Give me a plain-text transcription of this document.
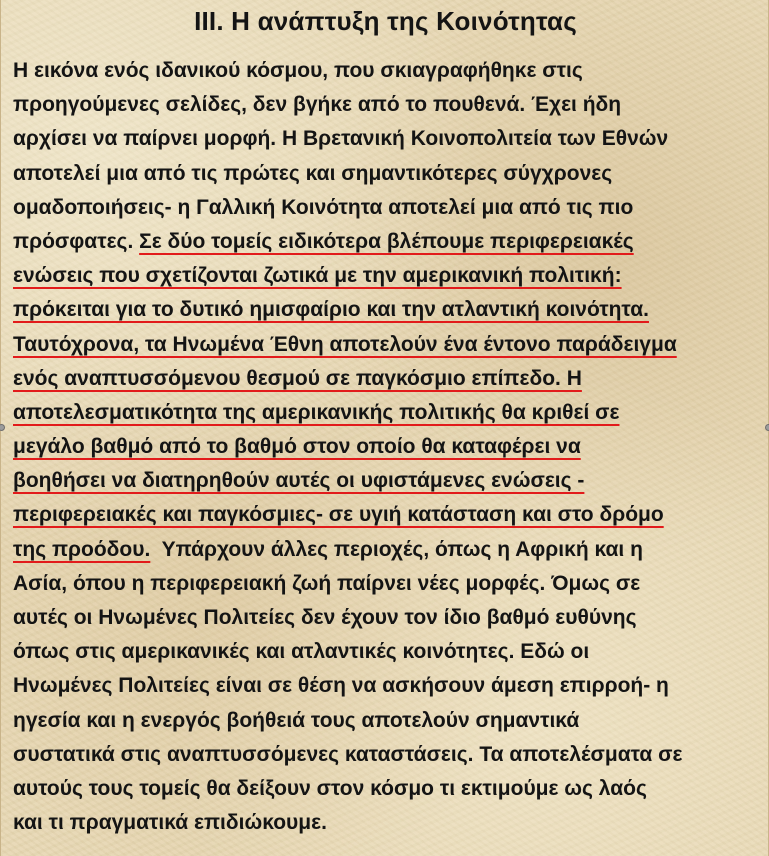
III. Η ανάπτυξη της Κοινότητας
Η εικόνα ενός ιδανικού κόσμου, που σκιαγραφήθηκε στις
προηγούμενες σελίδες, δεν βγήκε από το πουθενά. Έχει ήδη
αρχίσει να παίρνει μορφή. Η Βρετανική Κοινοπολιτεία των Εθνών
αποτελεί μια από τις πρώτες και σημαντικότερες σύγχρονες
ομαδοποιήσεις- η Γαλλική Κοινότητα αποτελεί μια από τις πιο
πρόσφατες. Σε δύο τομείς ειδικότερα βλέπουμε περιφερειακές
ενώσεις που σχετίζονται ζωτικά με την αμερικανική πολιτική:
πρόκειται για το δυτικό ημισφαίριο και την ατλαντική κοινότητα.
Ταυτόχρονα, τα Ηνωμένα Έθνη αποτελούν ένα έντονο παράδειγμα
ενός αναπτυσσόμενου θεσμού σε παγκόσμιο επίπεδο. Η
αποτελεσματικότητα της αμερικανικής πολιτικής θα κριθεί σε
μεγάλο βαθμό από το βαθμό στον οποίο θα καταφέρει να
βοηθήσει να διατηρηθούν αυτές οι υφιστάμενες ενώσεις -
περιφερειακές και παγκόσμιες- σε υγιή κατάσταση και στο δρόμο
της προόδου.  Υπάρχουν άλλες περιοχές, όπως η Αφρική και η
Ασία, όπου η περιφερειακή ζωή παίρνει νέες μορφές. Όμως σε
αυτές οι Ηνωμένες Πολιτείες δεν έχουν τον ίδιο βαθμό ευθύνης
όπως στις αμερικανικές και ατλαντικές κοινότητες. Εδώ οι
Ηνωμένες Πολιτείες είναι σε θέση να ασκήσουν άμεση επιρροή- η
ηγεσία και η ενεργός βοήθειά τους αποτελούν σημαντικά
συστατικά στις αναπτυσσόμενες καταστάσεις. Τα αποτελέσματα σε
αυτούς τους τομείς θα δείξουν στον κόσμο τι εκτιμούμε ως λαός
και τι πραγματικά επιδιώκουμε.
